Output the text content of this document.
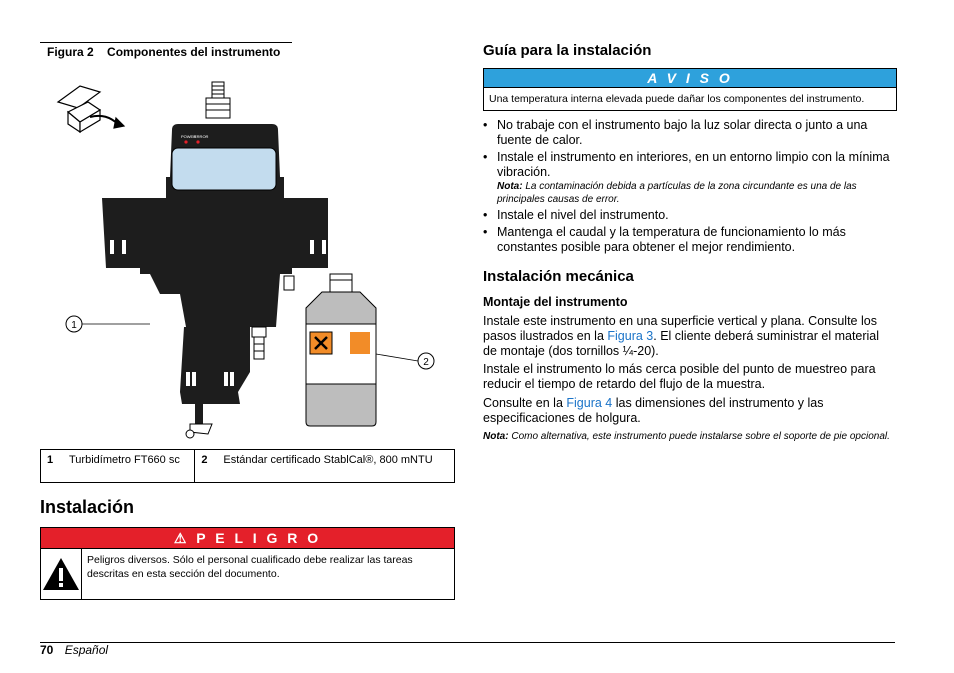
Figura 2 Componentes del instrumento
POWER
ERROR
1
2
1	Turbidímetro FT660 sc	2	Estándar certificado StablCal®, 800 mNTU
Instalación
⚠ P E L I G R O
Peligros diversos. Sólo el personal cualificado debe realizar las tareas descritas en esta sección del documento.
Guía para la instalación
A V I S O
Una temperatura interna elevada puede dañar los componentes del instrumento.
• No trabaje con el instrumento bajo la luz solar directa o junto a una fuente de calor.
• Instale el instrumento en interiores, en un entorno limpio con la mínima vibración.
Nota: La contaminación debida a partículas de la zona circundante es una de las principales causas de error.
• Instale el nivel del instrumento.
• Mantenga el caudal y la temperatura de funcionamiento lo más constantes posible para obtener el mejor rendimiento.
Instalación mecánica
Montaje del instrumento
Instale este instrumento en una superficie vertical y plana. Consulte los pasos ilustrados en la Figura 3. El cliente deberá suministrar el material de montaje (dos tornillos ¼-20).
Instale el instrumento lo más cerca posible del punto de muestreo para reducir el tiempo de retardo del flujo de la muestra.
Consulte en la Figura 4 las dimensiones del instrumento y las especificaciones de holgura.
Nota: Como alternativa, este instrumento puede instalarse sobre el soporte de pie opcional.
70 Español
